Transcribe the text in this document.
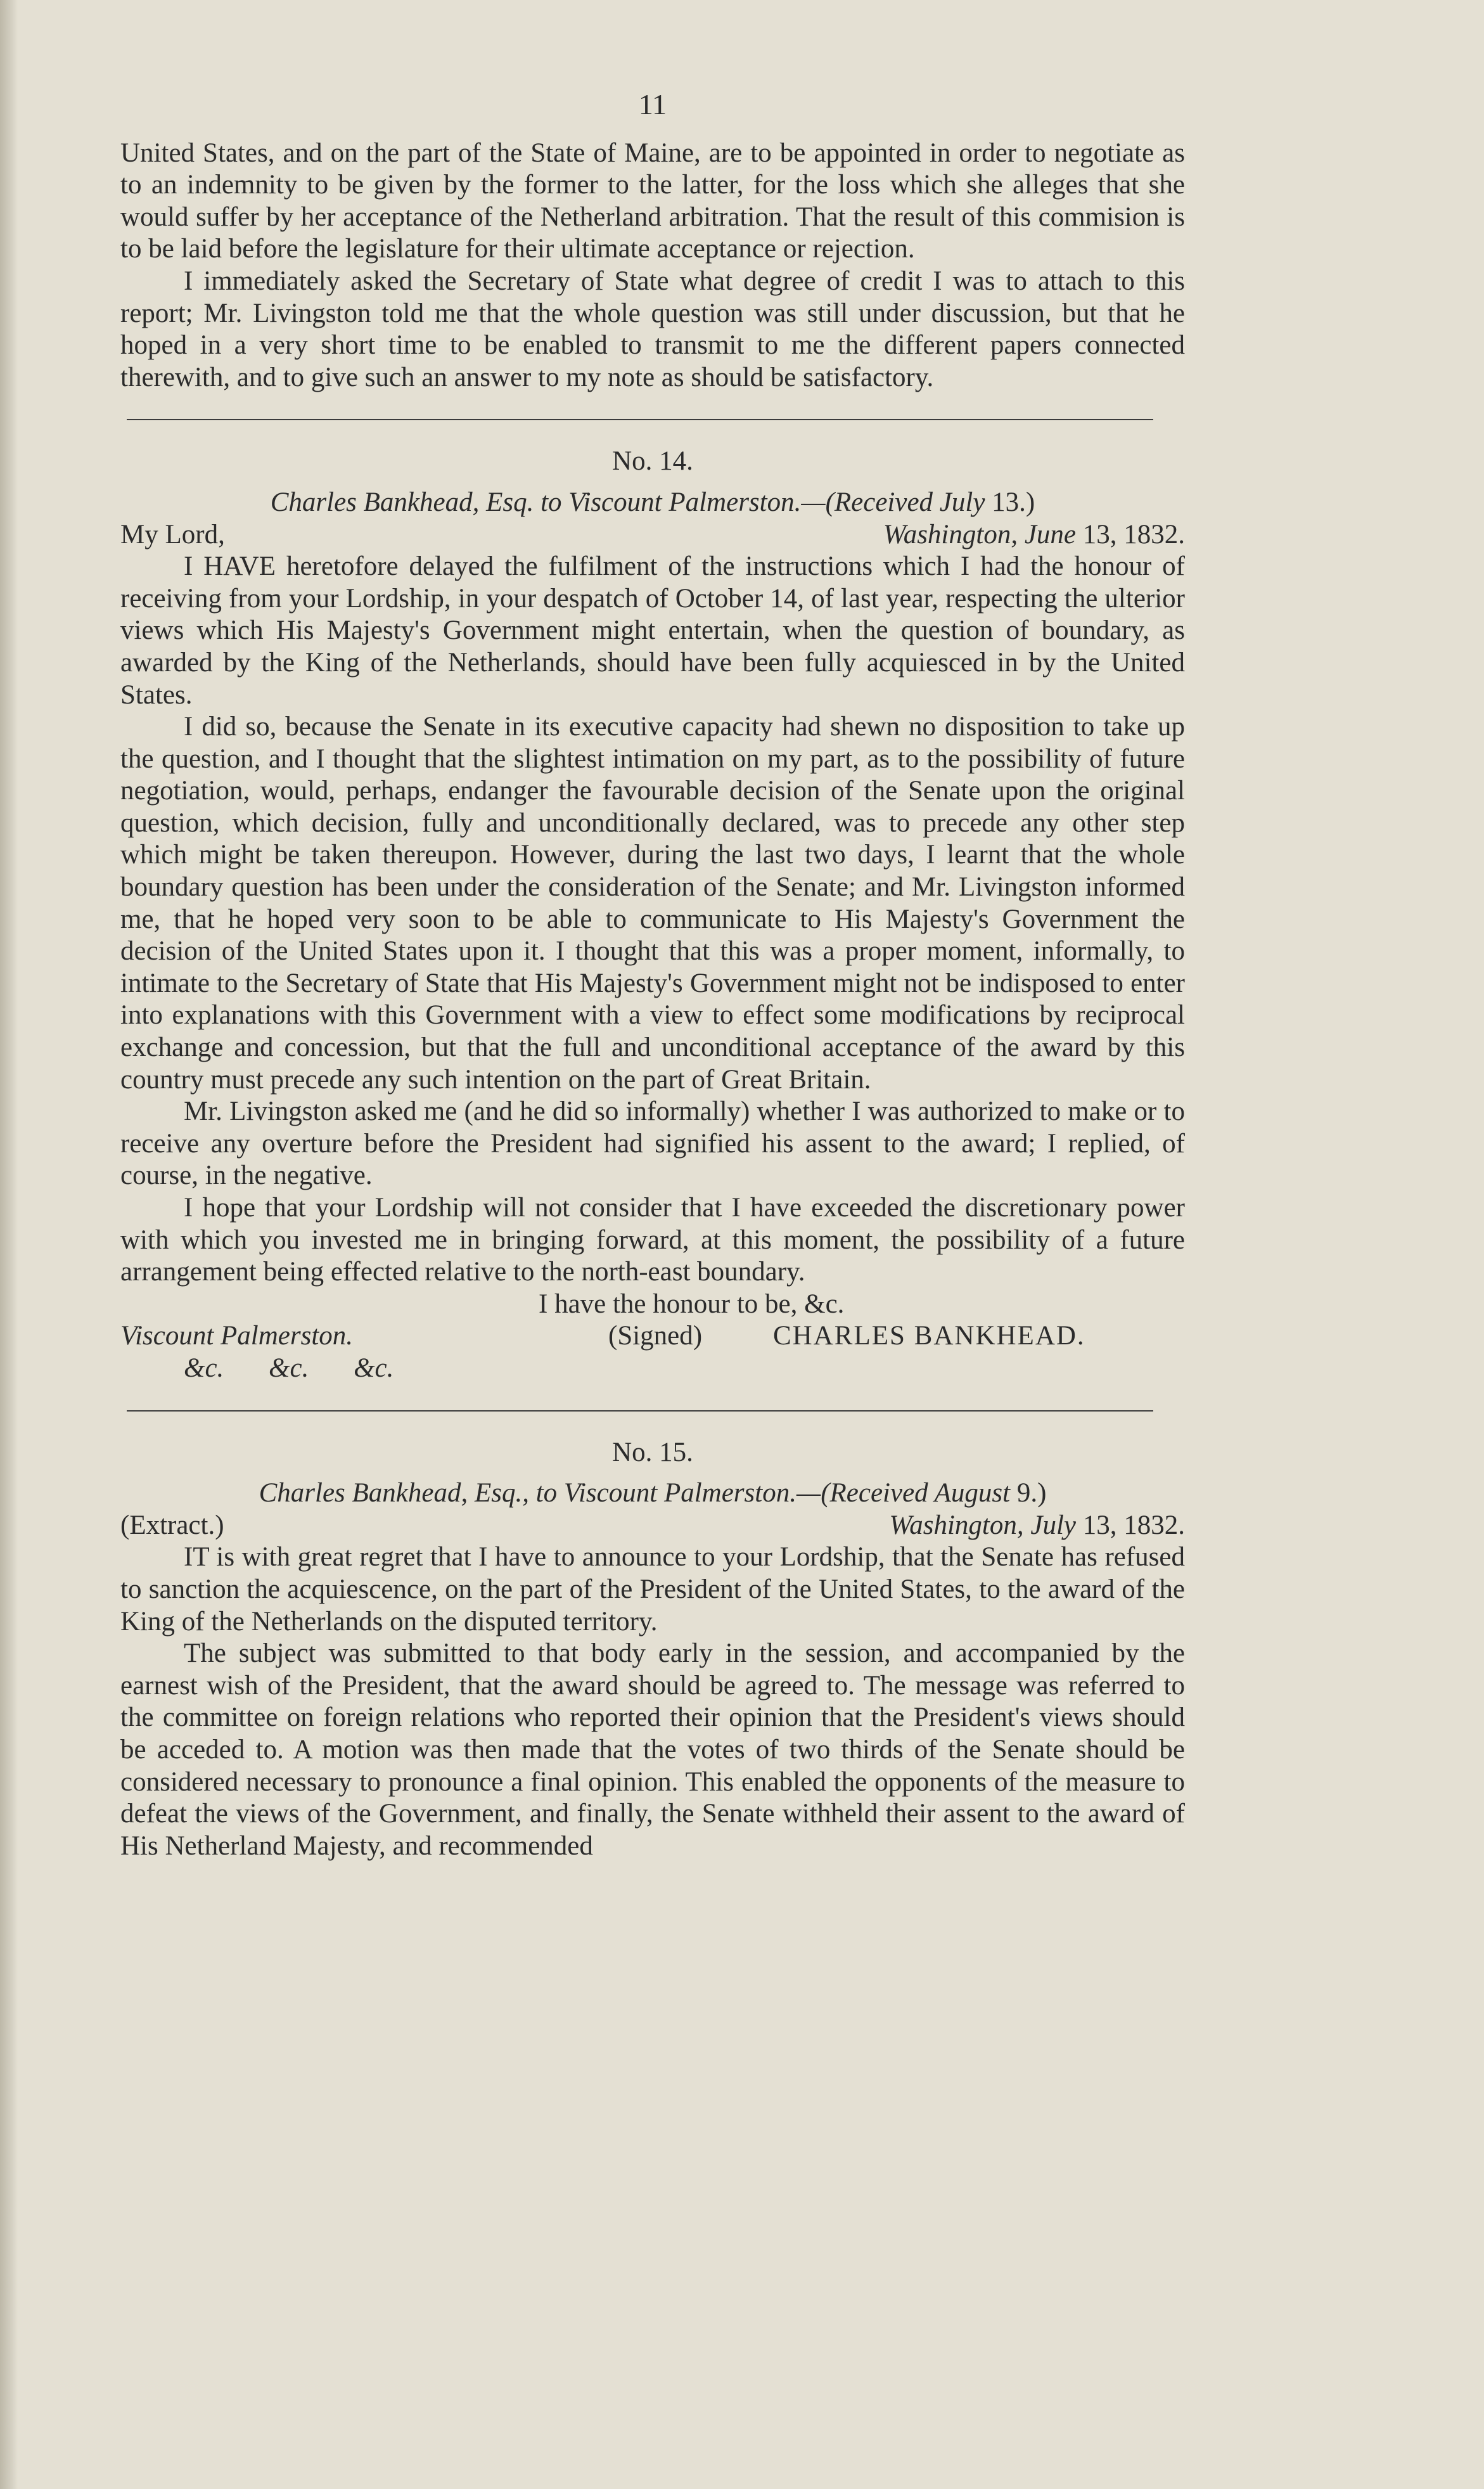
11

United States, and on the part of the State of Maine, are to be appointed in order to negotiate as to an indemnity to be given by the former to the latter, for the loss which she alleges that she would suffer by her acceptance of the Netherland arbitration. That the result of this commision is to be laid before the legislature for their ultimate acceptance or rejection.

I immediately asked the Secretary of State what degree of credit I was to attach to this report; Mr. Livingston told me that the whole question was still under discussion, but that he hoped in a very short time to be enabled to transmit to me the different papers connected therewith, and to give such an answer to my note as should be satisfactory.

No. 14.
Charles Bankhead, Esq. to Viscount Palmerston.—(Received July 13.)
My Lord,	Washington, June 13, 1832.

I HAVE heretofore delayed the fulfilment of the instructions which I had the honour of receiving from your Lordship, in your despatch of October 14, of last year, respecting the ulterior views which His Majesty's Government might entertain, when the question of boundary, as awarded by the King of the Netherlands, should have been fully acquiesced in by the United States.

I did so, because the Senate in its executive capacity had shewn no disposition to take up the question, and I thought that the slightest intimation on my part, as to the possibility of future negotiation, would, perhaps, endanger the favourable decision of the Senate upon the original question, which decision, fully and unconditionally declared, was to precede any other step which might be taken thereupon. However, during the last two days, I learnt that the whole boundary question has been under the consideration of the Senate; and Mr. Livingston informed me, that he hoped very soon to be able to communicate to His Majesty's Government the decision of the United States upon it. I thought that this was a proper moment, informally, to intimate to the Secretary of State that His Majesty's Government might not be indisposed to enter into explanations with this Government with a view to effect some modifications by reciprocal exchange and concession, but that the full and unconditional acceptance of the award by this country must precede any such intention on the part of Great Britain.

Mr. Livingston asked me (and he did so informally) whether I was authorized to make or to receive any overture before the President had signified his assent to the award; I replied, of course, in the negative.

I hope that your Lordship will not consider that I have exceeded the discretionary power with which you invested me in bringing forward, at this moment, the possibility of a future arrangement being effected relative to the north-east boundary.

I have the honour to be, &c.
Viscount Palmerston.	(Signed)	CHARLES BANKHEAD.
&c. &c. &c.
No. 15.
Charles Bankhead, Esq., to Viscount Palmerston.—(Received August 9.)
(Extract.)	Washington, July 13, 1832.

IT is with great regret that I have to announce to your Lordship, that the Senate has refused to sanction the acquiescence, on the part of the President of the United States, to the award of the King of the Netherlands on the disputed territory.

The subject was submitted to that body early in the session, and accompanied by the earnest wish of the President, that the award should be agreed to. The message was referred to the committee on foreign relations who reported their opinion that the President's views should be acceded to. A motion was then made that the votes of two thirds of the Senate should be considered necessary to pronounce a final opinion. This enabled the opponents of the measure to defeat the views of the Government, and finally, the Senate withheld their assent to the award of His Netherland Majesty, and recommended
